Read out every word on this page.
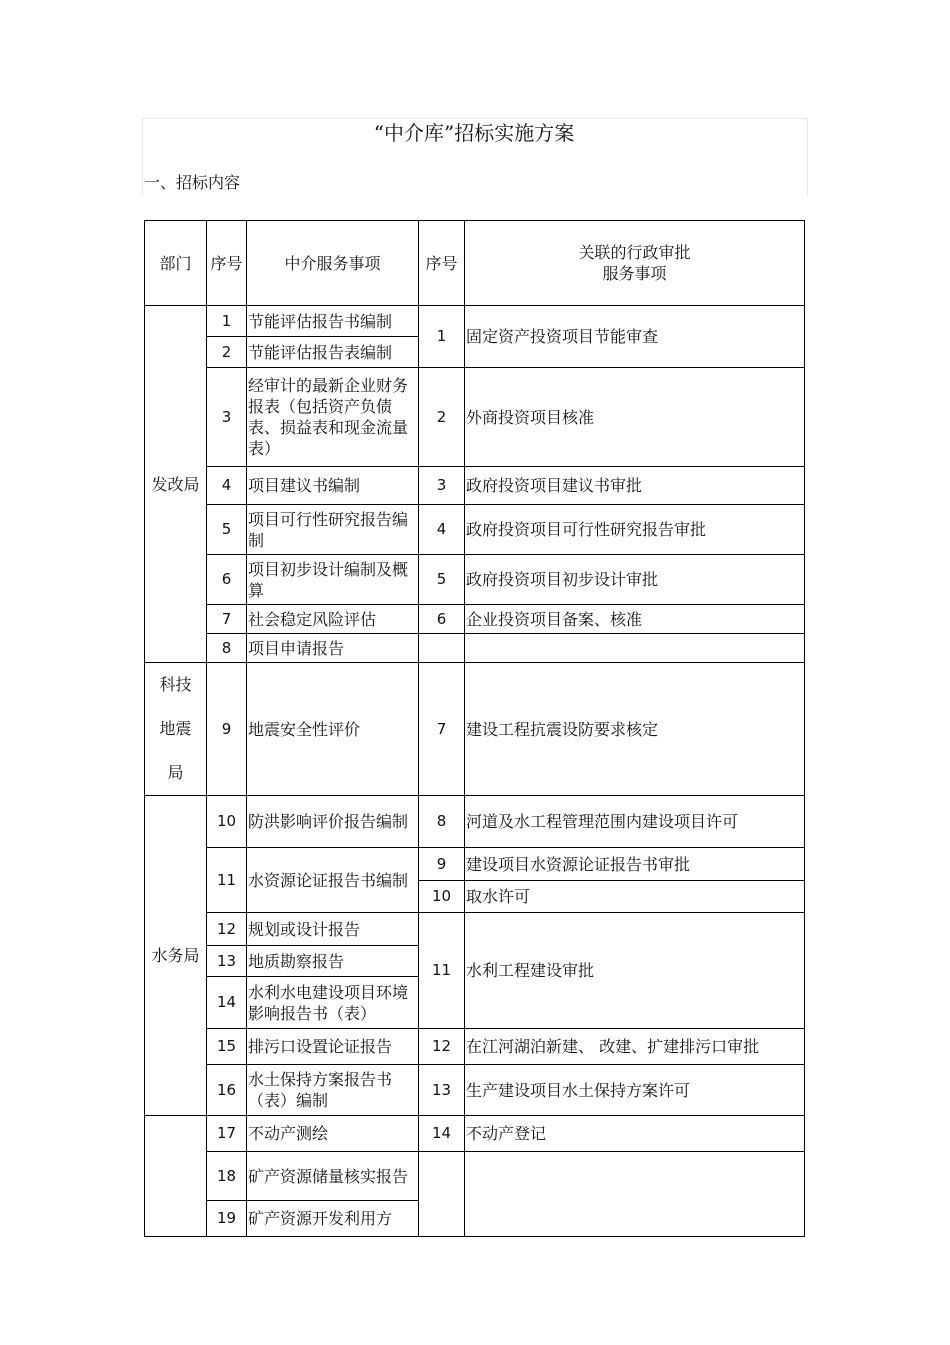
“中介库”招标实施方案
一、招标内容
部门	序号	中介服务事项	序号	关联的行政审批
服务事项

发改局	1	节能评估报告书编制	1	固定资产投资项目节能审查
	2	节能评估报告表编制		
	3	经审计的最新企业财务报表（包括资产负债表、损益表和现金流量表）	2	外商投资项目核准
	4	项目建议书编制	3	政府投资项目建议书审批
	5	项目可行性研究报告编制	4	政府投资项目可行性研究报告审批
	6	项目初步设计编制及概算	5	政府投资项目初步设计审批
	7	社会稳定风险评估	6	企业投资项目备案、核准
	8	项目申请报告		

科技
地震
局	9	地震安全性评价	7	建设工程抗震设防要求核定
水务局	10	防洪影响评价报告编制	8	河道及水工程管理范围内建设项目许可
	11	水资源论证报告书编制	9	建设项目水资源论证报告书审批
			10	取水许可
	12	规划或设计报告	11	水利工程建设审批
	13	地质勘察报告		
	14	水利水电建设项目环境影响报告书（表）		
	15	排污口设置论证报告	12	在江河湖泊新建、 改建、扩建排污口审批
	16	水土保持方案报告书（表）编制	13	生产建设项目水土保持方案许可
	17	不动产测绘	14	不动产登记
	18	矿产资源储量核实报告		
	19	矿产资源开发利用方		
